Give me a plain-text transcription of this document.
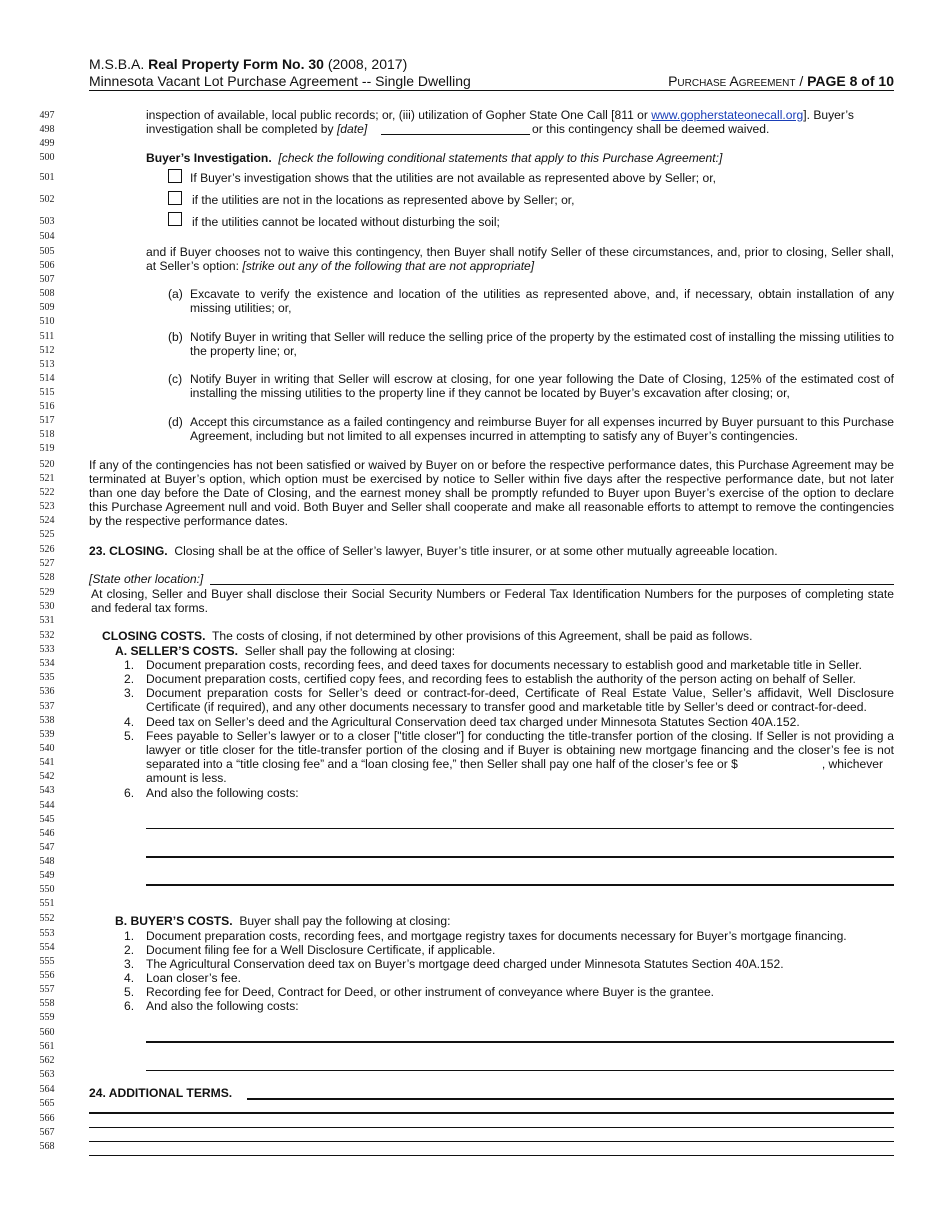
M.S.B.A. Real Property Form No. 30 (2008, 2017)
Minnesota Vacant Lot Purchase Agreement -- Single Dwelling	Purchase Agreement / PAGE 8 of 10
497
498
499
500
501
502
503
504
505
506
507
508
509
510
511
512
513
514
515
516
517
518
519
520
521
522
523
524
525
526
527
528
529
530
531
532
533
534
535
536
537
538
539
540
541
542
543
544
545
546
547
548
549
550
551
552
553
554
555
556
557
558
559
560
561
562
563
564
565
566
567
568
inspection of available, local public records; or, (iii) utilization of Gopher State One Call [811 or www.gopherstateonecall.org]. Buyer’s
investigation shall be completed by [date]	or this contingency shall be deemed waived.
Buyer’s Investigation. [check the following conditional statements that apply to this Purchase Agreement:]
If Buyer’s investigation shows that the utilities are not available as represented above by Seller; or,
if the utilities are not in the locations as represented above by Seller; or,
if the utilities cannot be located without disturbing the soil;
and if Buyer chooses not to waive this contingency, then Buyer shall notify Seller of these circumstances, and, prior to closing, Seller shall, at Seller’s option: [strike out any of the following that are not appropriate]
(a) Excavate to verify the existence and location of the utilities as represented above, and, if necessary, obtain installation of any missing utilities; or,
(b) Notify Buyer in writing that Seller will reduce the selling price of the property by the estimated cost of installing the missing utilities to the property line; or,
(c) Notify Buyer in writing that Seller will escrow at closing, for one year following the Date of Closing, 125% of the estimated cost of installing the missing utilities to the property line if they cannot be located by Buyer’s excavation after closing; or,
(d) Accept this circumstance as a failed contingency and reimburse Buyer for all expenses incurred by Buyer pursuant to this Purchase Agreement, including but not limited to all expenses incurred in attempting to satisfy any of Buyer’s contingencies.
If any of the contingencies has not been satisfied or waived by Buyer on or before the respective performance dates, this Purchase Agreement may be terminated at Buyer’s option, which option must be exercised by notice to Seller within five days after the respective performance date, but not later than one day before the Date of Closing, and the earnest money shall be promptly refunded to Buyer upon Buyer’s exercise of the option to declare this Purchase Agreement null and void. Both Buyer and Seller shall cooperate and make all reasonable efforts to attempt to remove the contingencies by the respective performance dates.
23. CLOSING. Closing shall be at the office of Seller’s lawyer, Buyer’s title insurer, or at some other mutually agreeable location.
[State other location:]
At closing, Seller and Buyer shall disclose their Social Security Numbers or Federal Tax Identification Numbers for the purposes of completing state and federal tax forms.
CLOSING COSTS. The costs of closing, if not determined by other provisions of this Agreement, shall be paid as follows.
A. SELLER’S COSTS. Seller shall pay the following at closing:
1. Document preparation costs, recording fees, and deed taxes for documents necessary to establish good and marketable title in Seller.
2. Document preparation costs, certified copy fees, and recording fees to establish the authority of the person acting on behalf of Seller.
3. Document preparation costs for Seller’s deed or contract-for-deed, Certificate of Real Estate Value, Seller’s affidavit, Well Disclosure Certificate (if required), and any other documents necessary to transfer good and marketable title by Seller’s deed or contract-for-deed.
4. Deed tax on Seller’s deed and the Agricultural Conservation deed tax charged under Minnesota Statutes Section 40A.152.
5. Fees payable to Seller’s lawyer or to a closer ["title closer"] for conducting the title-transfer portion of the closing. If Seller is not providing a lawyer or title closer for the title-transfer portion of the closing and if Buyer is obtaining new mortgage financing and the closer’s fee is not separated into a “title closing fee” and a “loan closing fee,” then Seller shall pay one half of the closer’s fee or $	, whichever
amount is less.
6. And also the following costs:
B. BUYER’S COSTS. Buyer shall pay the following at closing:
1. Document preparation costs, recording fees, and mortgage registry taxes for documents necessary for Buyer’s mortgage financing.
2. Document filing fee for a Well Disclosure Certificate, if applicable.
3. The Agricultural Conservation deed tax on Buyer’s mortgage deed charged under Minnesota Statutes Section 40A.152.
4. Loan closer’s fee.
5. Recording fee for Deed, Contract for Deed, or other instrument of conveyance where Buyer is the grantee.
6. And also the following costs:
24. ADDITIONAL TERMS.
